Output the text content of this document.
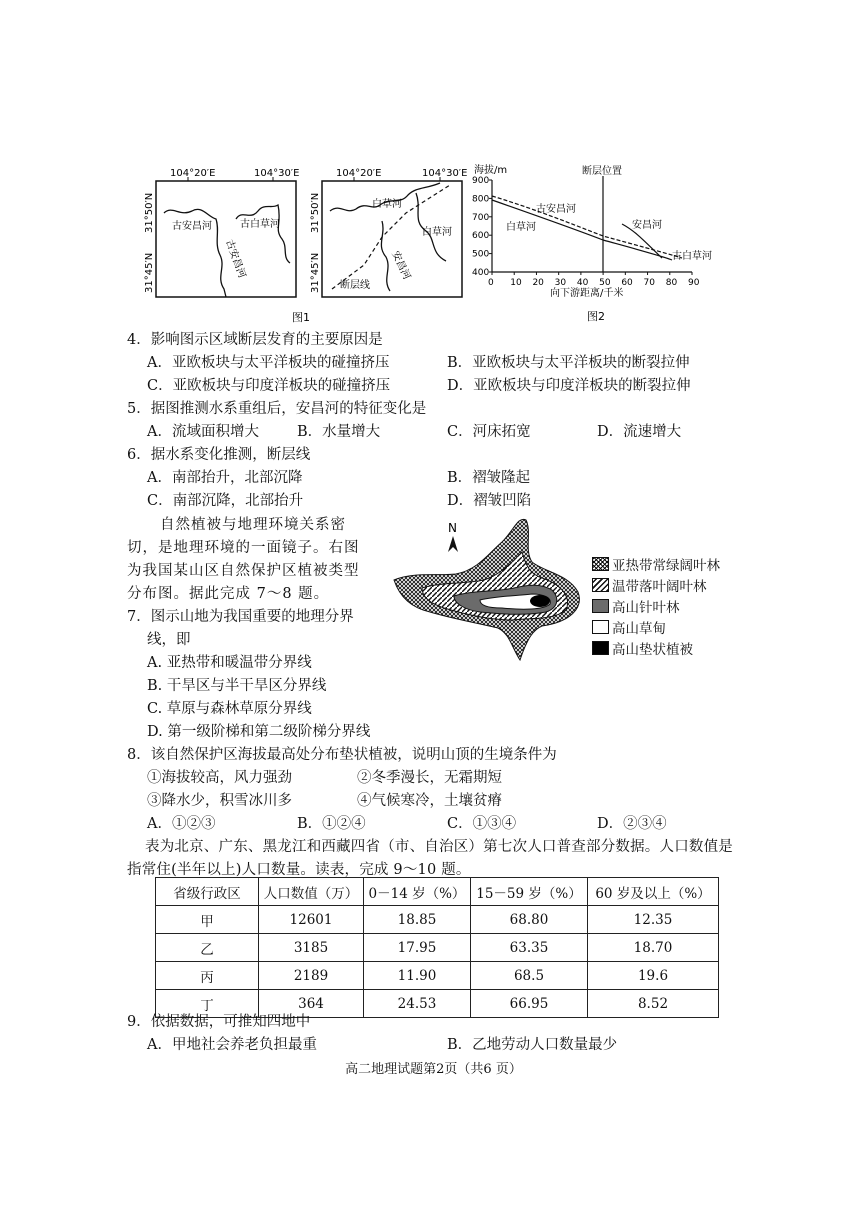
104°20′E	104°30′E
31°50′N
31°45′N
古安昌河	古白草河
古安昌河
104°20′E	104°30′E
31°50′N
31°45′N
白草河
白草河
安昌河
断层线
图1
海拔/m	断层位置
900
800
700
600
500
400
0 10 20 30 40 50 60 70 80 90
古安昌河
白草河	安昌河
古白草河
向下游距离/千米
图2
4．影响图示区域断层发育的主要原因是
A．亚欧板块与太平洋板块的碰撞挤压	B．亚欧板块与太平洋板块的断裂拉伸
C．亚欧板块与印度洋板块的碰撞挤压	D．亚欧板块与印度洋板块的断裂拉伸
5．据图推测水系重组后，安昌河的特征变化是
A．流域面积增大	B．水量增大	C．河床拓宽	D．流速增大
6．据水系变化推测，断层线
A．南部抬升，北部沉降	B．褶皱隆起
C．南部沉降，北部抬升	D．褶皱凹陷
自然植被与地理环境关系密
切，是地理环境的一面镜子。右图
为我国某山区自然保护区植被类型
分布图。据此完成 7～8 题。
N
亚热带常绿阔叶林
温带落叶阔叶林
高山针叶林
高山草甸
高山垫状植被
7．图示山地为我国重要的地理分界
线，即
A. 亚热带和暖温带分界线
B. 干旱区与半干旱区分界线
C. 草原与森林草原分界线
D. 第一级阶梯和第二级阶梯分界线
8．该自然保护区海拔最高处分布垫状植被，说明山顶的生境条件为
①海拔较高，风力强劲	②冬季漫长，无霜期短
③降水少，积雪冰川多	④气候寒冷，土壤贫瘠
A．①②③	B．①②④	C．①③④	D．②③④
表为北京、广东、黑龙江和西藏四省（市、自治区）第七次人口普查部分数据。人口数值是
指常住(半年以上)人口数量。读表，完成 9～10 题。
省级行政区	人口数值（万）	0－14 岁（%）	15－59 岁（%）	60 岁及以上（%）
甲	12601	18.85	68.80	12.35
乙	3185	17.95	63.35	18.70
丙	2189	11.90	68.5	19.6
丁	364	24.53	66.95	8.52
9．依据数据，可推知四地中
A．甲地社会养老负担最重	B．乙地劳动人口数量最少
高二地理试题第2页（共6 页）
